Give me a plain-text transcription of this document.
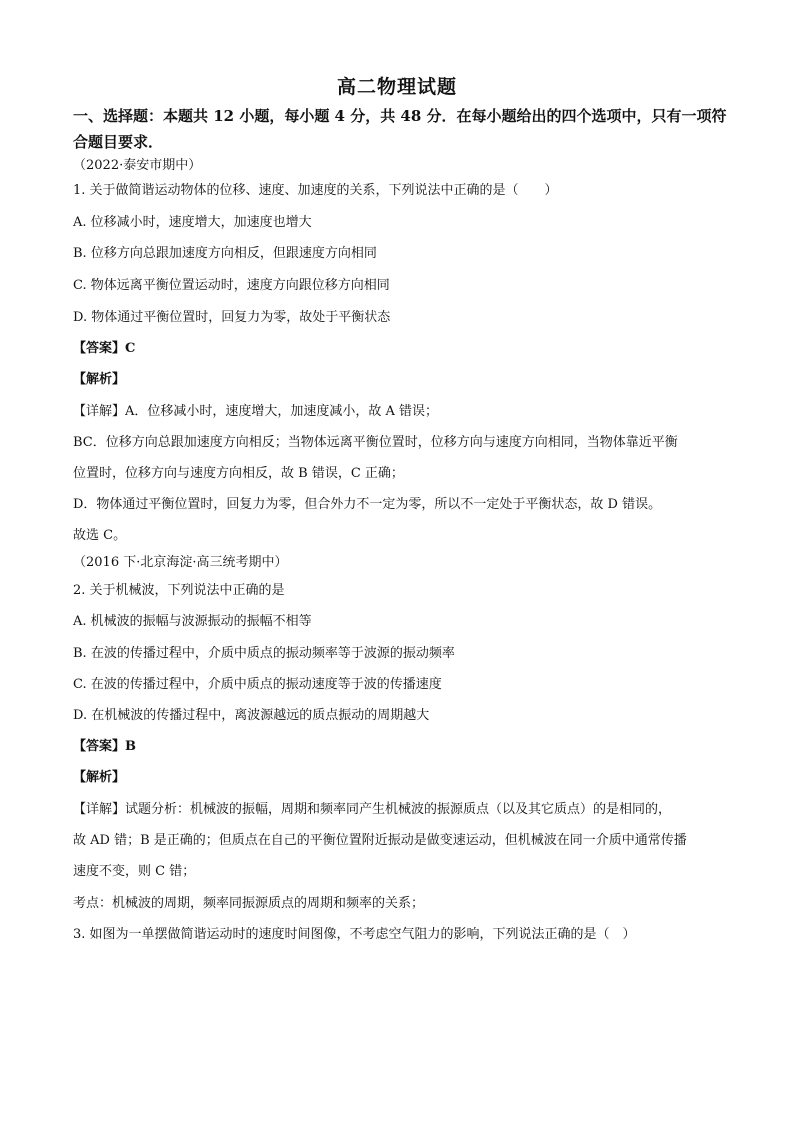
高二物理试题
一、选择题：本题共 12 小题，每小题 4 分，共 48 分．在每小题给出的四个选项中，只有一项符合题目要求．
（2022·泰安市期中）
1. 关于做简谐运动物体的位移、速度、加速度的关系，下列说法中正确的是（　　）
A. 位移减小时，速度增大，加速度也增大
B. 位移方向总跟加速度方向相反，但跟速度方向相同
C. 物体远离平衡位置运动时，速度方向跟位移方向相同
D. 物体通过平衡位置时，回复力为零，故处于平衡状态
【答案】C
【解析】
【详解】A．位移减小时，速度增大，加速度减小，故 A 错误；
BC．位移方向总跟加速度方向相反；当物体远离平衡位置时，位移方向与速度方向相同，当物体靠近平衡
位置时，位移方向与速度方向相反，故 B 错误，C 正确；
D．物体通过平衡位置时，回复力为零，但合外力不一定为零，所以不一定处于平衡状态，故 D 错误。
故选 C。
（2016 下·北京海淀·高三统考期中）
2. 关于机械波，下列说法中正确的是
A. 机械波的振幅与波源振动的振幅不相等
B. 在波的传播过程中，介质中质点的振动频率等于波源的振动频率
C. 在波的传播过程中，介质中质点的振动速度等于波的传播速度
D. 在机械波的传播过程中，离波源越远的质点振动的周期越大
【答案】B
【解析】
【详解】试题分析：机械波的振幅，周期和频率同产生机械波的振源质点（以及其它质点）的是相同的，
故 AD 错；B 是正确的；但质点在自己的平衡位置附近振动是做变速运动，但机械波在同一介质中通常传播
速度不变，则 C 错；
考点：机械波的周期，频率同振源质点的周期和频率的关系；
3. 如图为一单摆做简谐运动时的速度时间图像，不考虑空气阻力的影响，下列说法正确的是（　）
